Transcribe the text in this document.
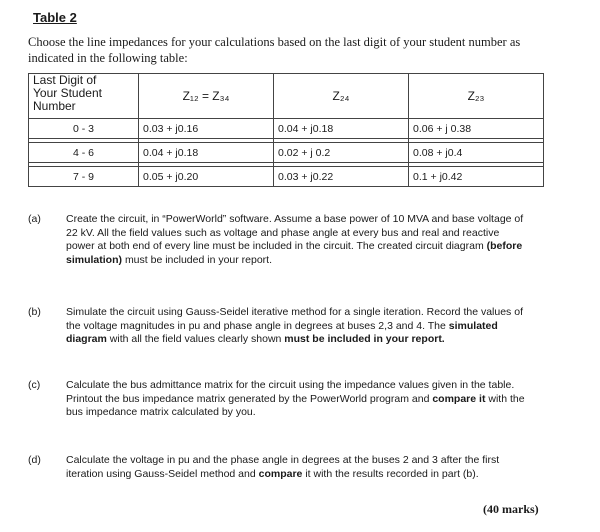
Table 2
Choose the line impedances for your calculations based on the last digit of your student number as indicated in the following table:
Last Digit of
Your Student
Number	Z₁₂ = Z₃₄	Z₂₄	Z₂₃
0 - 3	0.03 + j0.16	0.04 + j0.18	0.06 + j 0.38

4 - 6	0.04 + j0.18	0.02 + j 0.2	0.08 + j0.4

7 - 9	0.05 + j0.20	0.03 + j0.22	0.1 + j0.42
(a) Create the circuit, in “PowerWorld” software. Assume a base power of 10 MVA and base voltage of 22 kV. All the field values such as voltage and phase angle at every bus and real and reactive power at both end of every line must be included in the circuit. The created circuit diagram (before simulation) must be included in your report.
(b) Simulate the circuit using Gauss-Seidel iterative method for a single iteration. Record the values of the voltage magnitudes in pu and phase angle in degrees at buses 2,3 and 4. The simulated diagram with all the field values clearly shown must be included in your report.
(c) Calculate the bus admittance matrix for the circuit using the impedance values given in the table. Printout the bus impedance matrix generated by the PowerWorld program and compare it with the bus impedance matrix calculated by you.
(d) Calculate the voltage in pu and the phase angle in degrees at the buses 2 and 3 after the first iteration using Gauss-Seidel method and compare it with the results recorded in part (b).
(40 marks)
